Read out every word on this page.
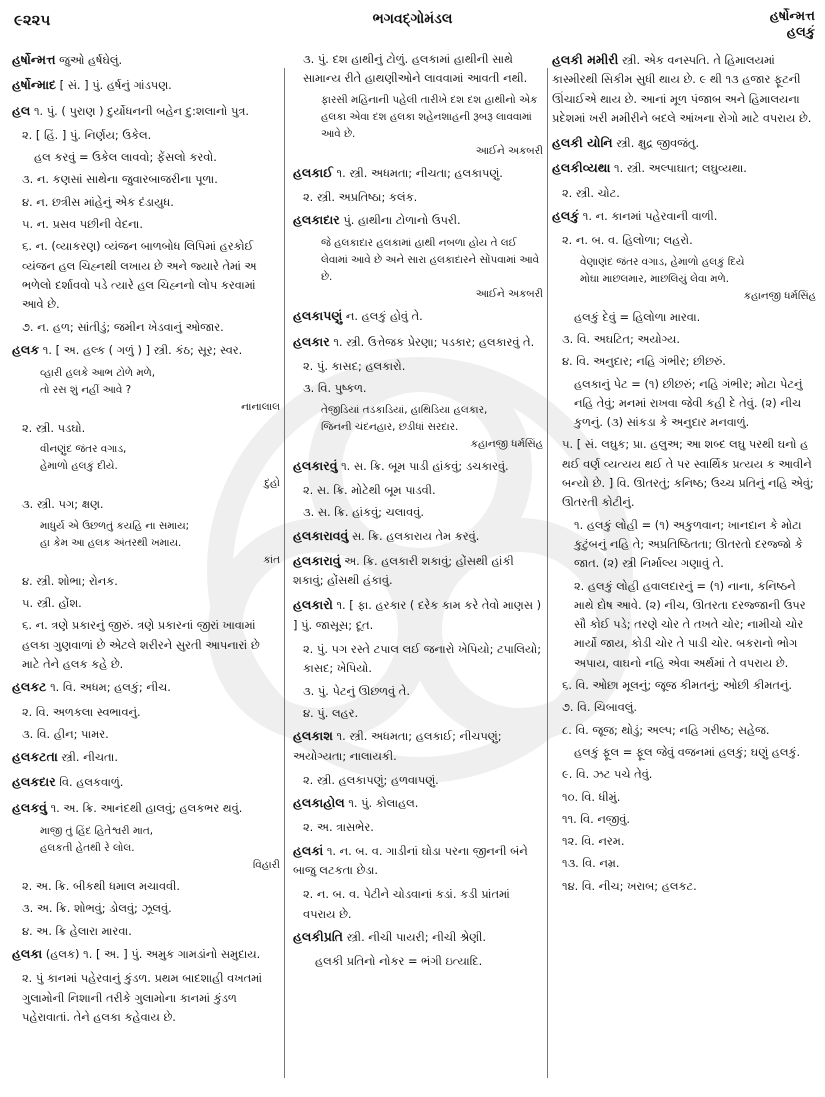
૯૨૨૫	ભગવદ્ગોમંડલ	હર્ષોન્મત્ત
હલકું
હર્ષોન્મત્ત જુઓ હર્ષઘેલું.
હર્ષોન્માદ [ સં. ] પું. હર્ષનું ગાંડપણ.
હલ ૧. પું. ( પુરાણ ) દુર્યોધનની બહેન દુ:શલાનો પુત્ર.
૨. [ હિં. ] પું. નિર્ણય; ઉકેલ.
હલ કરવું = ઉકેલ લાવવો; ફેંસલો કરવો.
૩. ન. કણસાં સાથેના જુવારબાજરીના પૂળા.
૪. ન. છત્રીસ માંહેનું એક દંડાયુધ.
૫. ન. પ્રસવ પછીની વેદના.
૬. ન. (વ્યાકરણ) વ્યંજન બાળબોધ લિપિમાં હરકોઈ વ્યંજન હલ ચિહ્નથી લખાય છે અને જ્યારે તેમાં અ ભળેલો દર્શાવવો પડે ત્યારે હલ ચિહ્નનો લોપ કરવામાં આવે છે.
૭. ન. હળ; સાંતીડું; જમીન ખેડવાનું ઓજાર.
હલક ૧. [ અ. હલ્ક ( ગળું ) ] સ્ત્રી. કંઠ; સૂર; સ્વર.
વ્હારી હલકે આભ ટોળે મળે,
તો રસ શું નહીં આવે ?
નાનાલાલ
૨. સ્ત્રી. પડઘો.
વીનણુંદ જંતર વગાડ,
હેમાળો હલકું દીયે.
દુહો
૩. સ્ત્રી. પગ; ક્ષણ.
માધુર્ય એ ઉછળતું કયહિ ના સમાય;
હા કેમ આ હલક અંતરથી ખમાય.
કાંત
૪. સ્ત્રી. શોભા; રોનક.
૫. સ્ત્રી. હોંશ.
૬. ન. ત્રણે પ્રકારનું જીરું. ત્રણે પ્રકારનાં જીરાં ખાવામાં હલકા ગુણવાળાં છે એટલે શરીરને સુરતી આપનારાં છે માટે તેને હલક કહે છે.
હલકટ ૧. વિ. અધમ; હલકું; નીચ.
૨. વિ. અળકલા સ્વભાવનું.
૩. વિ. હીન; પામર.
હલકટતા સ્ત્રી. નીચતા.
હલકદાર વિ. હલકવાળું.
હલકવું ૧. અ. ક્રિ. આનંદથી હાલવું; હલકભર થવું.
માજી તું હિંદ હિતેશ્વરી માત,
હલકતી હેતથી રે લોલ.
વિહારી
૨. અ. ક્રિ. બીકથી ધમાલ મચાવવી.
૩. અ. ક્રિ. શોભવું; ડોલવું; ઝૂલવું.
૪. અ. ક્રિ હેલારા મારવા.
હલકા (હલક) ૧. [ અ. ] પું. અમુક ગામડાંનો સમુદાય.
૨. પું કાનમાં પહેરવાનું કુંડળ. પ્રથમ બાદશાહી વખતમાં ગુલામોની નિશાની તરીકે ગુલામોના કાનમાં કુંડળ પહેરાવાતાં. તેને હલકા કહેવાય છે.
૩. પું. દશ હાથીનું ટોળું. હલકામાં હાથીની સાથે સામાન્ય રીતે હાથણીઓને લાવવામાં આવતી નથી.
ફારસી મહિનાની પહેલી તારીખે દશ દશ હાથીનો એક હલકા એવા દશ હલકા શહેનશાહની રૂબરૂ લાવવામાં આવે છે.
આઈને અકબરી
હલકાઈ ૧. સ્ત્રી. અધમતા; નીચતા; હલકાપણું.
૨. સ્ત્રી. અપ્રતિષ્ઠા; કલંક.
હલકાદાર પું. હાથીના ટોળાનો ઉપરી.
જે હલકાદાર હલકામાં હાથી નબળા હોય તે લઈ લેવામાં આવે છે અને સારા હલકાદારને સોંપવામાં આવે છે.
આઈને અકબરી
હલકાપણું ન. હલકું હોવું તે.
હલકાર ૧. સ્ત્રી. ઉત્તેજક પ્રેરણા; પડકાર; હલકારવું તે.
૨. પું. કાસદ; હલકારો.
૩. વિ. પુષ્કળ.
તેજીડિયાં તડકાડિયાં, હાથિડિયા હલકાર,
જિનની ચંદનહાર, છડીધાં સરદાર.
કહાનજી ધર્મસિંહ
હલકારવું ૧. સ. ક્રિ. બૂમ પાડી હાંકવું; ડચકારવું.
૨. સ. ક્રિ. મોટેથી બૂમ પાડવી.
૩. સ. ક્રિ. હાંકવું; ચલાવવું.
હલકારાવવું સ. ક્રિ. હલકારાય તેમ કરવું.
હલકારાવું અ. ક્રિ. હલકારી શકાવું; હોંસથી હાંકી શકાવું; હોંસથી હંકાવું.
હલકારો ૧. [ ફા. હરકાર ( દરેક કામ કરે તેવો માણસ ) ] પું. જાસૂસ; દૂત.
૨. પું. પગ રસ્તે ટપાલ લઈ જનારો ખેપિયો; ટપાલિયો; કાસદ; ખેપિયો.
૩. પું. પેટનું ઊછળવું તે.
૪. પું. લહર.
હલકાશ ૧. સ્ત્રી. અધમતા; હલકાઈ; નીચપણું; અયોગ્યતા; નાલાયકી.
૨. સ્ત્રી. હલકાપણું; હળવાપણું.
હલકાહોલ ૧. પું. કોલાહલ.
૨. અ. ત્રાસભેર.
હલકાં ૧. ન. બ. વ. ગાડીનાં ઘોડા પરના જીનની બંને બાજુ લટકતા છેડા.
૨. ન. બ. વ. પેટીને ચોડવાનાં કડાં. કડી પ્રાંતમાં વપરાય છે.
હલકીપ્રતિ સ્ત્રી. નીચી પાયરી; નીચી શ્રેણી.
હલકી પ્રતિનો નોકર = ભંગી ઇત્યાદિ.
હલકી મમીરી સ્ત્રી. એક વનસ્પતિ. તે હિમાલયમાં કાસ્મીરથી સિકીમ સુધી થાય છે. ૯ થી ૧૩ હજાર ફૂટની ઊંચાઈએ થાય છે. આનાં મૂળ પંજાબ અને હિમાલયના પ્રદેશમાં ખરી મમીરીને બદલે આંખના રોગો માટે વપરાય છે.
હલકી યોનિ સ્ત્રી. ક્ષુદ્ર જીવજંતુ.
હલકીવ્યથા ૧. સ્ત્રી. અલ્પાઘાત; લઘુવ્યથા.
૨. સ્ત્રી. ચોટ.
હલકું ૧. ન. કાનમાં પહેરવાની વાળી.
૨. ન. બ. વ. હિલોળા; લહરો.
વેણાણંદ જંતર વગાડ, હેમાળો હલકું દિયે
મોઘા માછલમાર, માછલિયું લેવા મળે.
કહાનજી ધર્મસિંહ
હલકું દેવું = હિલોળા મારવા.
૩. વિ. અઘટિત; અયોગ્ય.
૪. વિ. અનુદાર; નહિ ગંભીર; છીછરું.
હલકાનું પેટ = (૧) છીછરું; નહિ ગંભીર; મોટા પેટનું નહિ તેવું; મનમાં રાખવા જેવી કહી દે તેવું. (૨) નીચ કુળનું. (૩) સાંકડા કે અનુદાર મનવાળું.
૫. [ સં. લઘુક; પ્રા. હલુઅ; આ શબ્દ લઘુ પરથી ઘનો હ થઈ વર્ણ વ્યત્યય થઈ તે પર સ્વાર્થિક પ્રત્યય ક આવીને બન્યો છે. ] વિ. ઊતરતું; કનિષ્ઠ; ઉચ્ચ પ્રતિનું નહિ એવું; ઊતરતી કોટીનું.
૧. હલકું લોહી = (૧) અકુળવાન; ખાનદાન કે મોટા કુટુંબનું નહિ તે; અપ્રતિષ્ઠિતતા; ઊતરતો દરજ્જો કે જાત. (૨) સ્ત્રી નિર્માલ્ય ગણાવું તે.
૨. હલકું લોહી હવાલદારનું = (૧) નાના, કનિષ્ઠને માથે દોષ આવે. (૨) નીચ, ઊતરતા દરજ્જાની ઉપર સૌ કોઈ પડે; તરણે ચોર તે તખતે ચોર; નામીચો ચોર માર્યો જાય, કોડી ચોર તે પાડી ચોર. બકરાનો ભોગ અપાય, વાઘનો નહિ એવા અર્થમાં તે વપરાય છે.
૬. વિ. ઓછા મૂલનું; જૂજ કીમતનું; ઓછી કીમતનું.
૭. વિ. ચિબાવલું.
૮. વિ. જૂજ; થોડું; અલ્પ; નહિ ગરીષ્ઠ; સહેજ.
હલકું ફૂલ = ફૂલ જેવું વજનમાં હલકું; ઘણું હલકું.
૯. વિ. ઝટ પચે તેવું.
૧૦. વિ. ધીમું.
૧૧. વિ. નજીવું.
૧૨. વિ. નરમ.
૧૩. વિ. નમ્ર.
૧૪. વિ. નીચ; ખરાબ; હલકટ.
